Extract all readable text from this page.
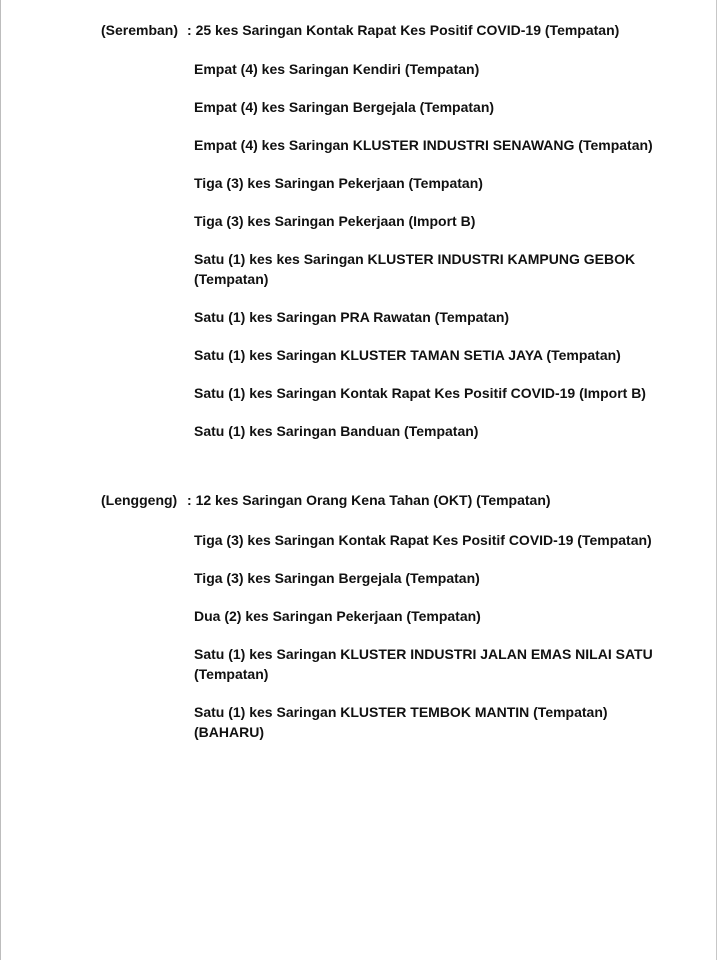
(Seremban) : 25 kes Saringan Kontak Rapat Kes Positif COVID-19 (Tempatan)
Empat (4) kes Saringan Kendiri (Tempatan)
Empat (4) kes Saringan Bergejala (Tempatan)
Empat (4) kes Saringan KLUSTER INDUSTRI SENAWANG (Tempatan)
Tiga (3) kes Saringan Pekerjaan (Tempatan)
Tiga (3) kes Saringan Pekerjaan (Import B)
Satu (1) kes kes Saringan KLUSTER INDUSTRI KAMPUNG GEBOK (Tempatan)
Satu (1) kes Saringan PRA Rawatan (Tempatan)
Satu (1) kes Saringan KLUSTER TAMAN SETIA JAYA (Tempatan)
Satu (1) kes Saringan Kontak Rapat Kes Positif COVID-19 (Import B)
Satu (1) kes Saringan Banduan (Tempatan)
(Lenggeng) : 12 kes Saringan Orang Kena Tahan (OKT) (Tempatan)
Tiga (3) kes Saringan Kontak Rapat Kes Positif COVID-19 (Tempatan)
Tiga (3) kes Saringan Bergejala (Tempatan)
Dua (2) kes Saringan Pekerjaan (Tempatan)
Satu (1) kes Saringan KLUSTER INDUSTRI JALAN EMAS NILAI SATU (Tempatan)
Satu (1) kes Saringan KLUSTER TEMBOK MANTIN (Tempatan) (BAHARU)
